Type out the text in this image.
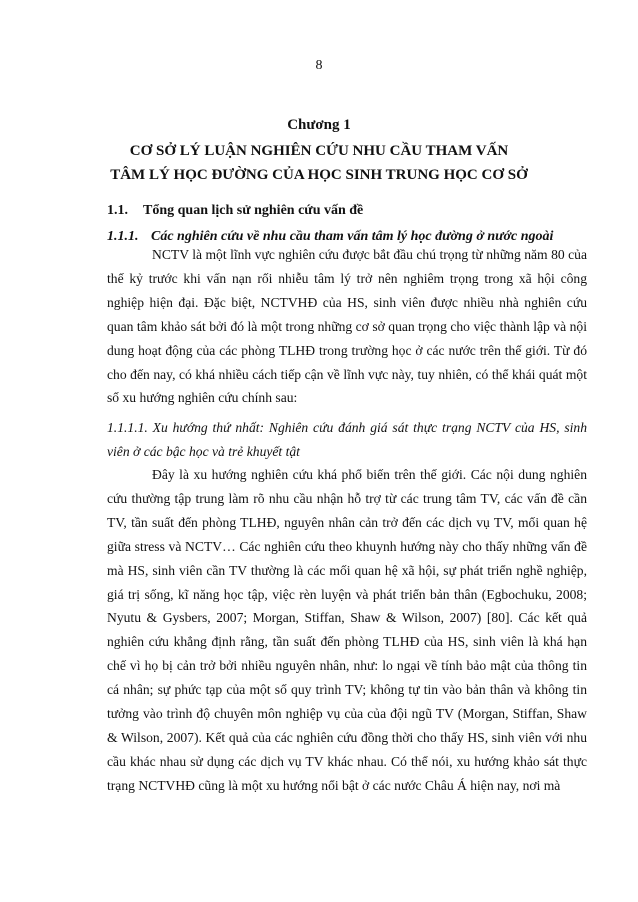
8
Chương 1
CƠ SỞ LÝ LUẬN NGHIÊN CỨU NHU CẦU THAM VẤN
TÂM LÝ HỌC ĐƯỜNG CỦA HỌC SINH TRUNG HỌC CƠ SỞ
1.1. Tổng quan lịch sử nghiên cứu vấn đề
1.1.1. Các nghiên cứu về nhu cầu tham vấn tâm lý học đường ở nước ngoài

NCTV là một lĩnh vực nghiên cứu được bắt đầu chú trọng từ những năm 80 của thế kỷ trước khi vấn nạn rối nhiễu tâm lý trở nên nghiêm trọng trong xã hội công nghiệp hiện đại. Đặc biệt, NCTVHĐ của HS, sinh viên được nhiều nhà nghiên cứu quan tâm khảo sát bởi đó là một trong những cơ sở quan trọng cho việc thành lập và nội dung hoạt động của các phòng TLHĐ trong trường học ở các nước trên thế giới. Từ đó cho đến nay, có khá nhiều cách tiếp cận về lĩnh vực này, tuy nhiên, có thể khái quát một số xu hướng nghiên cứu chính sau:

1.1.1.1. Xu hướng thứ nhất: Nghiên cứu đánh giá sát thực trạng NCTV của HS, sinh viên ở các bậc học và trẻ khuyết tật

Đây là xu hướng nghiên cứu khá phổ biến trên thế giới. Các nội dung nghiên cứu thường tập trung làm rõ nhu cầu nhận hỗ trợ từ các trung tâm TV, các vấn đề cần TV, tần suất đến phòng TLHĐ, nguyên nhân cản trở đến các dịch vụ TV, mối quan hệ giữa stress và NCTV… Các nghiên cứu theo khuynh hướng này cho thấy những vấn đề mà HS, sinh viên cần TV thường là các mối quan hệ xã hội, sự phát triển nghề nghiệp, giá trị sống, kĩ năng học tập, việc rèn luyện và phát triển bản thân (Egbochuku, 2008; Nyutu & Gysbers, 2007; Morgan, Stiffan, Shaw & Wilson, 2007) [80]. Các kết quả nghiên cứu khẳng định rằng, tần suất đến phòng TLHĐ của HS, sinh viên là khá hạn chế vì họ bị cản trở bởi nhiều nguyên nhân, như: lo ngại về tính bảo mật của thông tin cá nhân; sự phức tạp của một số quy trình TV; không tự tin vào bản thân và không tin tưởng vào trình độ chuyên môn nghiệp vụ của của đội ngũ TV (Morgan, Stiffan, Shaw & Wilson, 2007). Kết quả của các nghiên cứu đồng thời cho thấy HS, sinh viên với nhu cầu khác nhau sử dụng các dịch vụ TV khác nhau. Có thể nói, xu hướng khảo sát thực trạng NCTVHĐ cũng là một xu hướng nổi bật ở các nước Châu Á hiện nay, nơi mà
